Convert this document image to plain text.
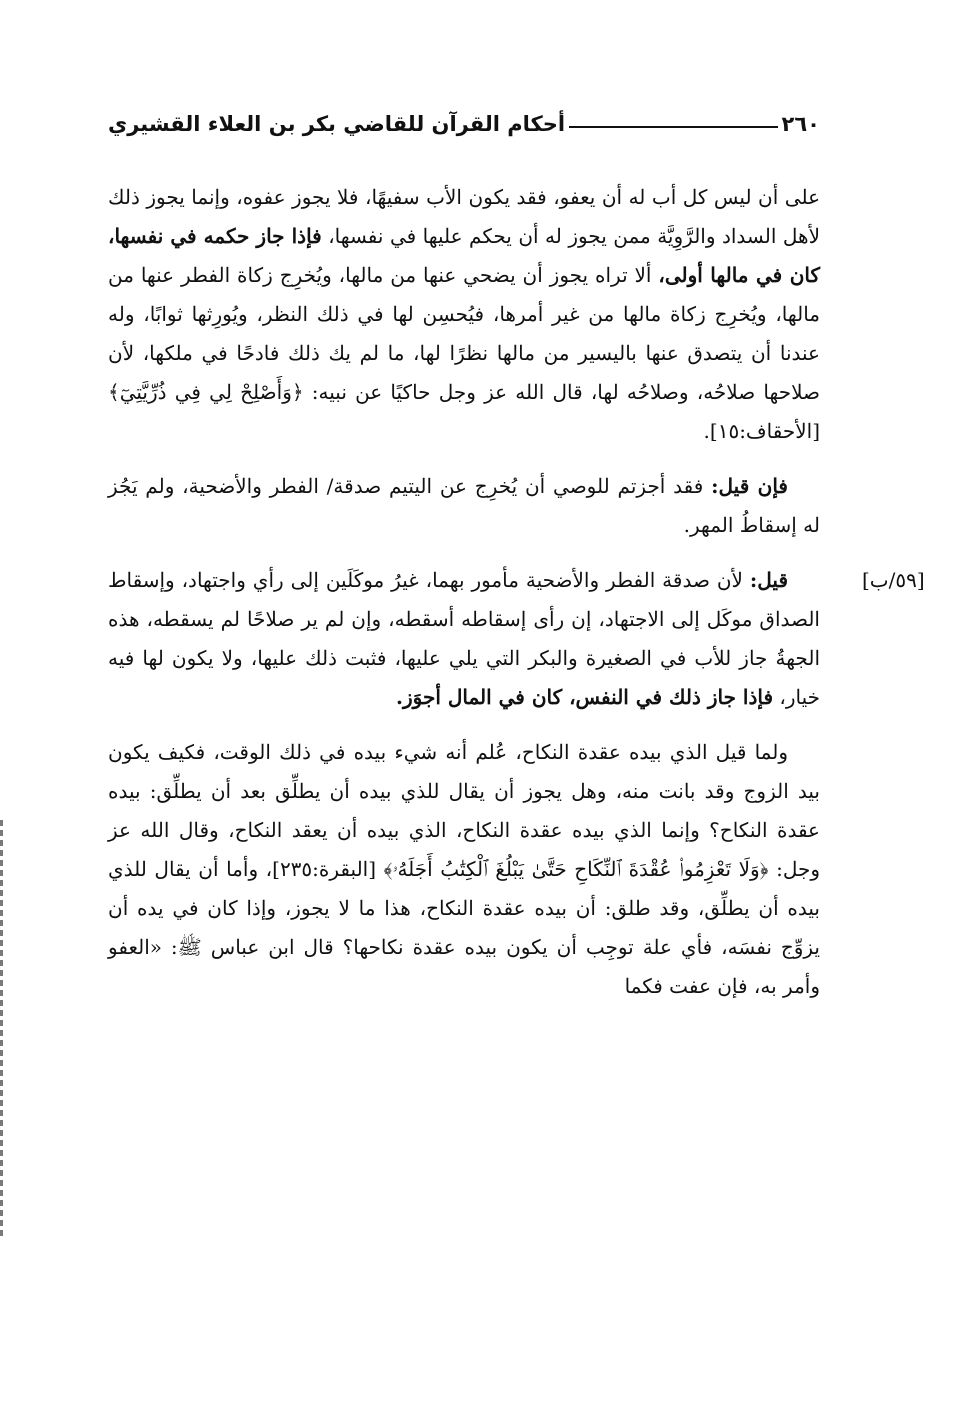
٢٦٠
أحكام القرآن للقاضي بكر بن العلاء القشيري
[٥٩/ب]

على أن ليس كل أب له أن يعفو، فقد يكون الأب سفيهًا، فلا يجوز عفوه، وإنما يجوز ذلك لأهل السداد والرَّوِيَّة ممن يجوز له أن يحكم عليها في نفسها، فإذا جاز حكمه في نفسها، كان في مالها أولى، ألا تراه يجوز أن يضحي عنها من مالها، ويُخرِج زكاة الفطر عنها من مالها، ويُخرِج زكاة مالها من غير أمرها، فيُحسِن لها في ذلك النظر، ويُورِثها ثوابًا، وله عندنا أن يتصدق عنها باليسير من مالها نظرًا لها، ما لم يك ذلك فادحًا في ملكها، لأن صلاحها صلاحُه، وصلاحُه لها، قال الله عز وجل حاكيًا عن نبيه: ﴿وَأَصْلِحْ لِي فِي ذُرِّيَّتِيٓ﴾ [الأحقاف:١٥].

فإن قيل: فقد أجزتم للوصي أن يُخرِج عن اليتيم صدقة/ الفطر والأضحية، ولم يَجُز له إسقاطُ المهر.

قيل: لأن صدقة الفطر والأضحية مأمور بهما، غيرُ موكَلَين إلى رأي واجتهاد، وإسقاط الصداق موكَل إلى الاجتهاد، إن رأى إسقاطه أسقطه، وإن لم ير صلاحًا لم يسقطه، هذه الجهةُ جاز للأب في الصغيرة والبكر التي يلي عليها، فثبت ذلك عليها، ولا يكون لها فيه خيار، فإذا جاز ذلك في النفس، كان في المال أجوَز.

ولما قيل الذي بيده عقدة النكاح، عُلم أنه شيء بيده في ذلك الوقت، فكيف يكون بيد الزوج وقد بانت منه، وهل يجوز أن يقال للذي بيده أن يطلِّق بعد أن يطلِّق: بيده عقدة النكاح؟ وإنما الذي بيده عقدة النكاح، الذي بيده أن يعقد النكاح، وقال الله عز وجل: ﴿وَلَا تَعْزِمُوا۟ عُقْدَةَ ٱلنِّكَاحِ حَتَّىٰ يَبْلُغَ ٱلْكِتَٰبُ أَجَلَهُۥ﴾ [البقرة:٢٣٥]، وأما أن يقال للذي بيده أن يطلِّق، وقد طلق: أن بيده عقدة النكاح، هذا ما لا يجوز، وإذا كان في يده أن يزوِّج نفسَه، فأي علة توجِب أن يكون بيده عقدة نكاحها؟ قال ابن عباس ﷺ: «العفو وأمر به، فإن عفت فكما
